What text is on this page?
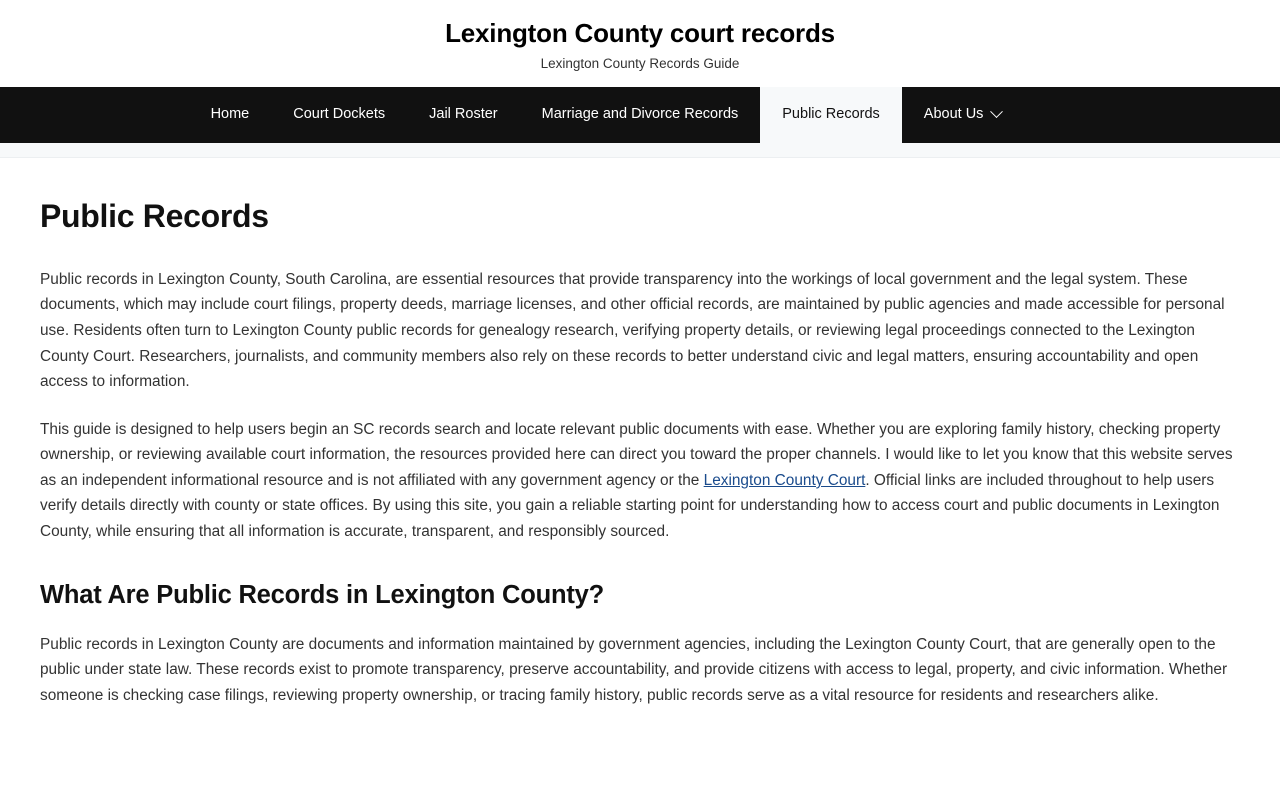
Lexington County court records
Lexington County Records Guide
Home	Court Dockets	Jail Roster	Marriage and Divorce Records	Public Records	About Us
Public Records

Public records in Lexington County, South Carolina, are essential resources that provide transparency into the workings of local government and the legal system. These documents, which may include court filings, property deeds, marriage licenses, and other official records, are maintained by public agencies and made accessible for personal use. Residents often turn to Lexington County public records for genealogy research, verifying property details, or reviewing legal proceedings connected to the Lexington County Court. Researchers, journalists, and community members also rely on these records to better understand civic and legal matters, ensuring accountability and open access to information.

This guide is designed to help users begin an SC records search and locate relevant public documents with ease. Whether you are exploring family history, checking property ownership, or reviewing available court information, the resources provided here can direct you toward the proper channels. I would like to let you know that this website serves as an independent informational resource and is not affiliated with any government agency or the Lexington County Court. Official links are included throughout to help users verify details directly with county or state offices. By using this site, you gain a reliable starting point for understanding how to access court and public documents in Lexington County, while ensuring that all information is accurate, transparent, and responsibly sourced.

What Are Public Records in Lexington County?

Public records in Lexington County are documents and information maintained by government agencies, including the Lexington County Court, that are generally open to the public under state law. These records exist to promote transparency, preserve accountability, and provide citizens with access to legal, property, and civic information. Whether someone is checking case filings, reviewing property ownership, or tracing family history, public records serve as a vital resource for residents and researchers alike.
